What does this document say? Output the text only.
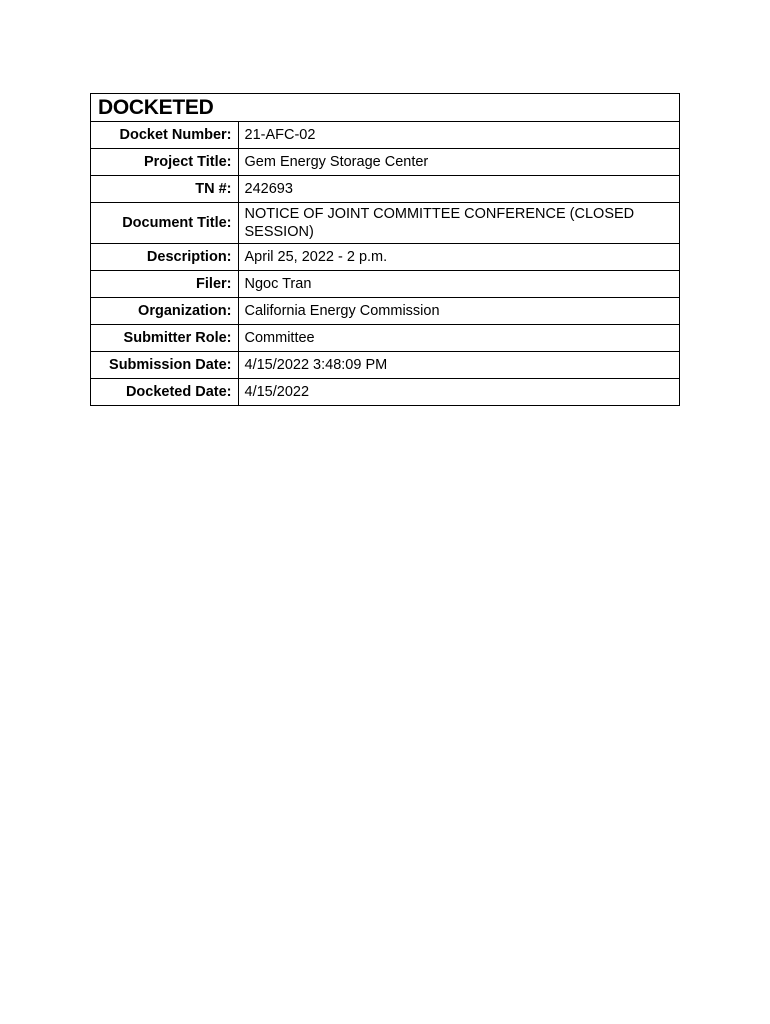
DOCKETED
Docket Number:	21-AFC-02
Project Title:	Gem Energy Storage Center
TN #:	242693
Document Title:	NOTICE OF JOINT COMMITTEE CONFERENCE (CLOSED SESSION)
Description:	April 25, 2022 - 2 p.m.
Filer:	Ngoc Tran
Organization:	California Energy Commission
Submitter Role:	Committee
Submission Date:	4/15/2022 3:48:09 PM
Docketed Date:	4/15/2022
